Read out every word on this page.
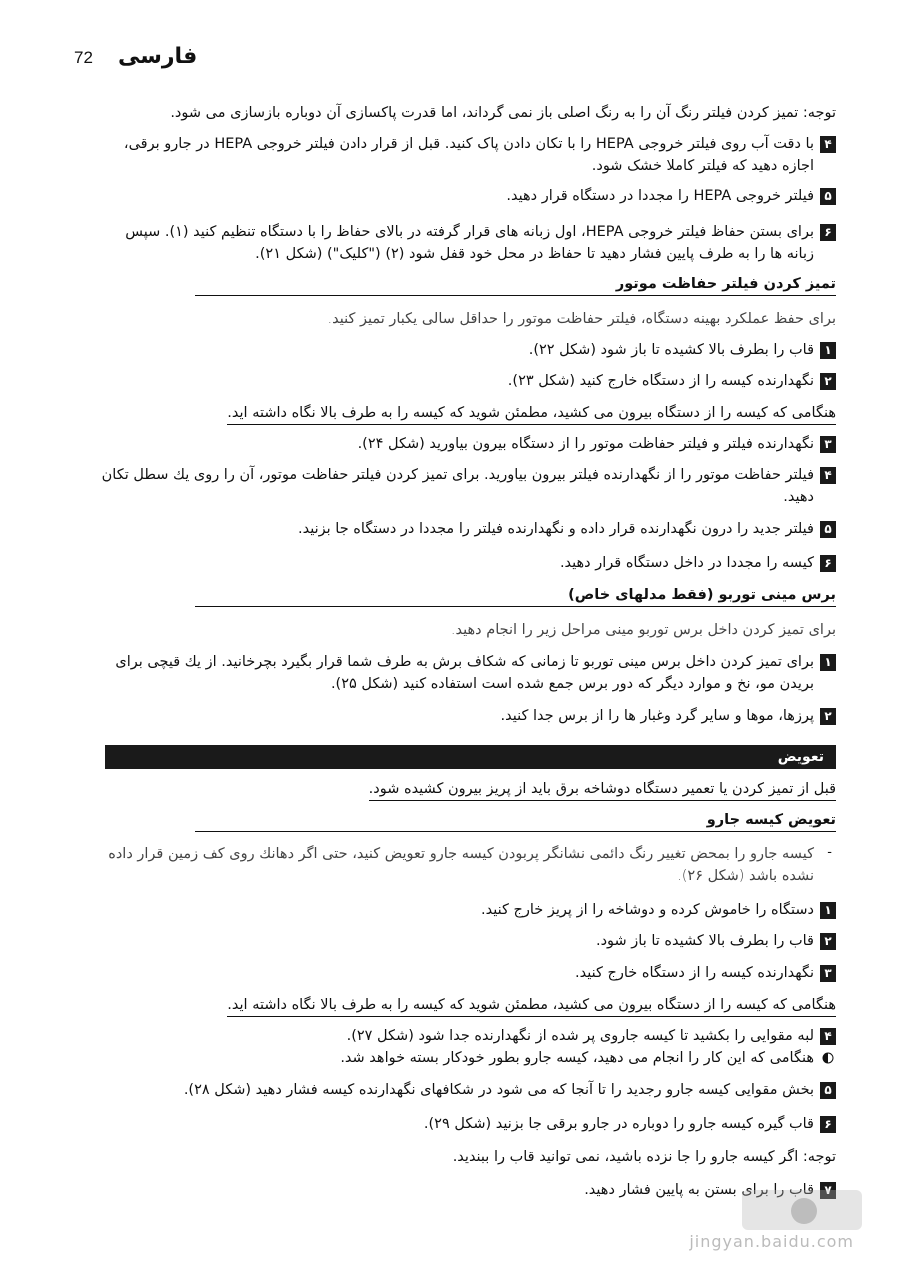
72 فارسی
توجه: تمیز کردن فیلتر رنگ آن را به رنگ اصلی باز نمی گرداند، اما قدرت پاکسازی آن دوباره بازسازی می شود.
۴
با دقت آب روی فیلتر خروجی HEPA را با تکان دادن پاک کنید. قبل از قرار دادن فیلتر خروجی HEPA در جارو برقی،
اجازه دهید که فیلتر کاملا خشک شود.
۵
فیلتر خروجی HEPA را مجددا در دستگاه قرار دهید.
۶
برای بستن حفاظ فیلتر خروجی HEPA، اول زبانه های قرار گرفته در بالای حفاظ را با دستگاه تنظیم کنید (۱). سپس
زبانه ها را به طرف پایین فشار دهید تا حفاظ در محل خود قفل شود (۲) ("کلیک") (شکل ۲۱).
تمیز کردن فیلتر حفاظت موتور
برای حفظ عملکرد بهینه دستگاه، فیلتر حفاظت موتور را حداقل سالی یکبار تمیز کنید.
۱
قاب را بطرف بالا کشیده تا باز شود (شکل ۲۲).
۲
نگهدارنده کیسه را از دستگاه خارج کنید (شکل ۲۳).
هنگامی که کیسه را از دستگاه بیرون می کشید، مطمئن شوید که کیسه را به طرف بالا نگاه داشته اید.
۳
نگهدارنده فیلتر و فیلتر حفاظت موتور را از دستگاه بیرون بیاورید (شکل ۲۴).
۴
فیلتر حفاظت موتور را از نگهدارنده فیلتر بیرون بیاورید. برای تمیز کردن فیلتر حفاظت موتور، آن را روی یك سطل تکان
دهید.
۵
فیلتر جدید را درون نگهدارنده قرار داده و نگهدارنده فیلتر را مجددا در دستگاه جا بزنید.
۶
کیسه را مجددا در داخل دستگاه قرار دهید.
برس مینی توربو (فقط مدلهای خاص)
برای تمیز کردن داخل برس توربو مینی مراحل زیر را انجام دهید.
۱
برای تمیز کردن داخل برس مینی توربو تا زمانی که شکاف برش به طرف شما قرار بگیرد بچرخانید. از یك قیچی برای
بریدن مو، نخ و موارد دیگر که دور برس جمع شده است استفاده کنید (شکل ۲۵).
۲
پرزها، موها و سایر گرد وغبار ها را از برس جدا کنید.
تعویض
قبل از تمیز کردن یا تعمیر دستگاه دوشاخه برق باید از پریز بیرون کشیده شود.
تعویض کیسه جارو
-
کیسه جارو را بمحض تغییر رنگ دائمی نشانگر پربودن کیسه جارو تعویض کنید، حتی اگر دهانك روی کف زمین قرار داده
نشده باشد (شکل ۲۶).
۱
دستگاه را خاموش کرده و دوشاخه را از پریز خارج کنید.
۲
قاب را بطرف بالا کشیده تا باز شود.
۳
نگهدارنده کیسه را از دستگاه خارج کنید.
هنگامی که کیسه را از دستگاه بیرون می کشید، مطمئن شوید که کیسه را به طرف بالا نگاه داشته اید.
۴
لبه مقوایی را بکشید تا کیسه جاروی پر شده از نگهدارنده جدا شود (شکل ۲۷).
هنگامی که این کار را انجام می دهید، کیسه جارو بطور خودکار بسته خواهد شد.
۵
بخش مقوایی کیسه جارو رجدید را تا آنجا که می شود در شکافهای نگهدارنده کیسه فشار دهید (شکل ۲۸).
۶
قاب گیره کیسه جارو را دوباره در جارو برقی جا بزنید (شکل ۲۹).
توجه: اگر کیسه جارو را جا نزده باشید، نمی توانید قاب را ببندید.
۷
قاب را برای بستن به پایین فشار دهید.
jingyan.baidu.com
